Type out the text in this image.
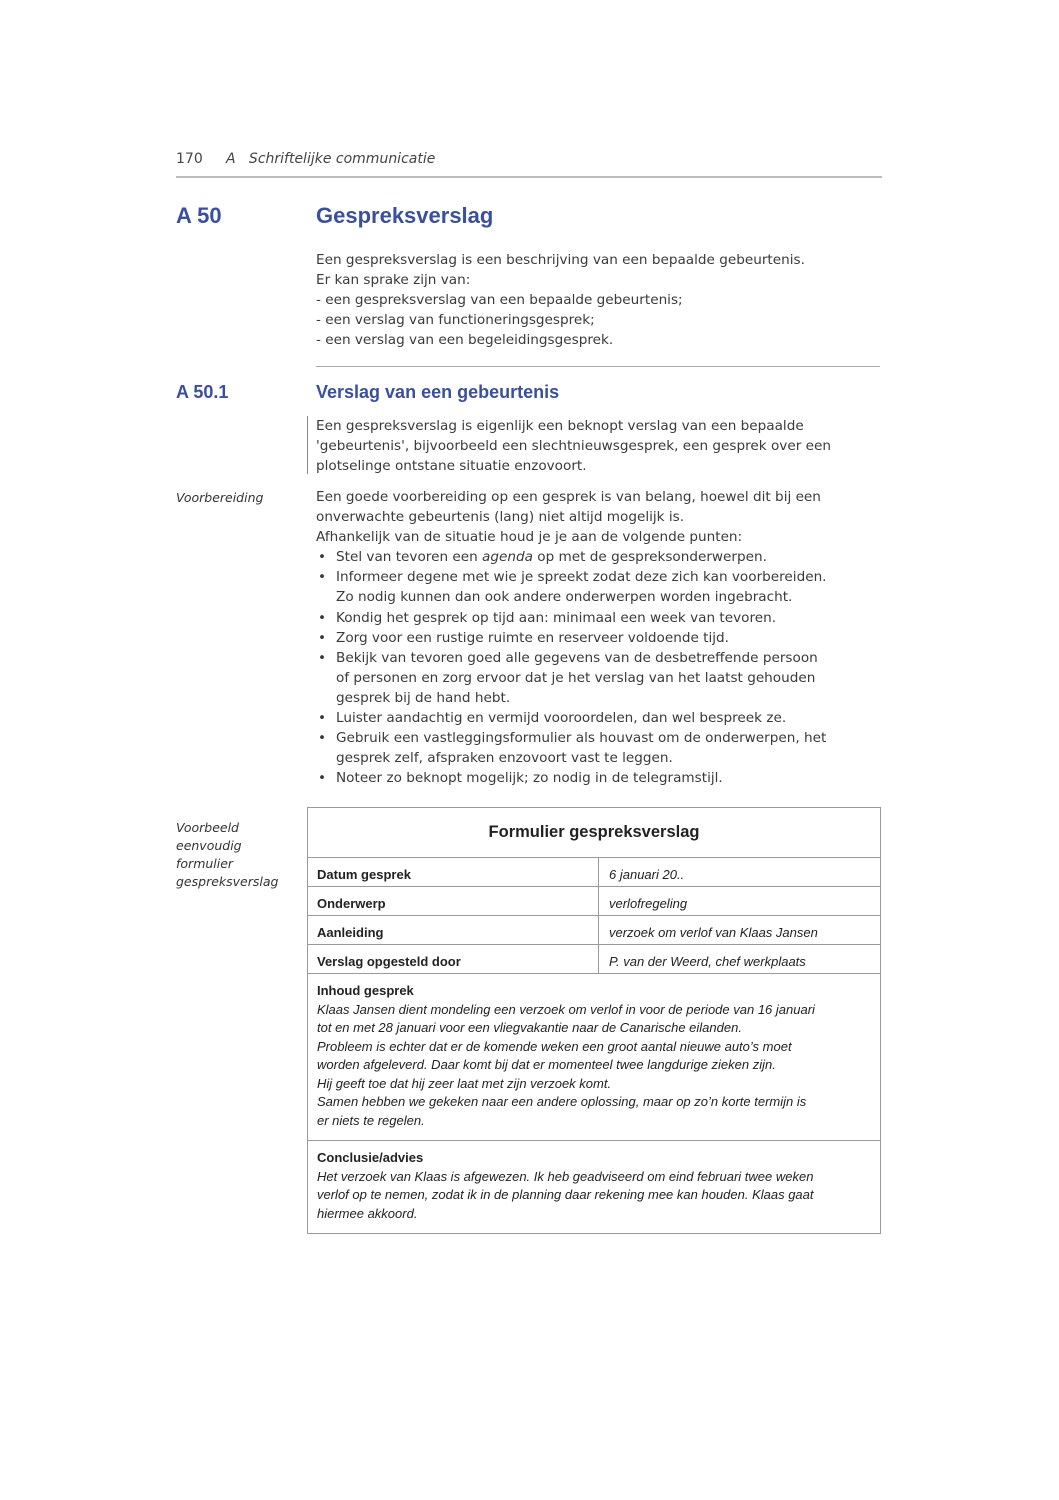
170 A   Schriftelijke communicatie
A 50	Gespreksverslag

Een gespreksverslag is een beschrijving van een bepaalde gebeurtenis.

Er kan sprake zijn van:

- een gespreksverslag van een bepaalde gebeurtenis;

- een verslag van functioneringsgesprek;

- een verslag van een begeleidingsgesprek.

A 50.1	Verslag van een gebeurtenis

Een gespreksverslag is eigenlijk een beknopt verslag van een bepaalde

'gebeurtenis', bijvoorbeeld een slechtnieuwsgesprek, een gesprek over een

plotselinge ontstane situatie enzovoort.

Voorbereiding	Een goede voorbereiding op een gesprek is van belang, hoewel dit bij een

onverwachte gebeurtenis (lang) niet altijd mogelijk is.

Afhankelijk van de situatie houd je je aan de volgende punten:

• Stel van tevoren een agenda op met de gespreksonderwerpen.
• Informeer degene met wie je spreekt zodat deze zich kan voorbereiden.
Zo nodig kunnen dan ook andere onderwerpen worden ingebracht.
• Kondig het gesprek op tijd aan: minimaal een week van tevoren.
• Zorg voor een rustige ruimte en reserveer voldoende tijd.
• Bekijk van tevoren goed alle gegevens van de desbetreffende persoon
of personen en zorg ervoor dat je het verslag van het laatst gehouden
gesprek bij de hand hebt.
• Luister aandachtig en vermijd vooroordelen, dan wel bespreek ze.
• Gebruik een vastleggingsformulier als houvast om de onderwerpen, het
gesprek zelf, afspraken enzovoort vast te leggen.
• Noteer zo beknopt mogelijk; zo nodig in de telegramstijl.
Voorbeeld
eenvoudig
formulier
gespreksverslag
Formulier gespreksverslag
Datum gesprek	6 januari 20..
Onderwerp	verlofregeling
Aanleiding	verzoek om verlof van Klaas Jansen
Verslag opgesteld door	P. van der Weerd, chef werkplaats
Inhoud gesprek
Klaas Jansen dient mondeling een verzoek om verlof in voor de periode van 16 januari
tot en met 28 januari voor een vliegvakantie naar de Canarische eilanden.
Probleem is echter dat er de komende weken een groot aantal nieuwe auto’s moet
worden afgeleverd. Daar komt bij dat er momenteel twee langdurige zieken zijn.
Hij geeft toe dat hij zeer laat met zijn verzoek komt.
Samen hebben we gekeken naar een andere oplossing, maar op zo’n korte termijn is
er niets te regelen.
Conclusie/advies
Het verzoek van Klaas is afgewezen. Ik heb geadviseerd om eind februari twee weken
verlof op te nemen, zodat ik in de planning daar rekening mee kan houden. Klaas gaat
hiermee akkoord.
